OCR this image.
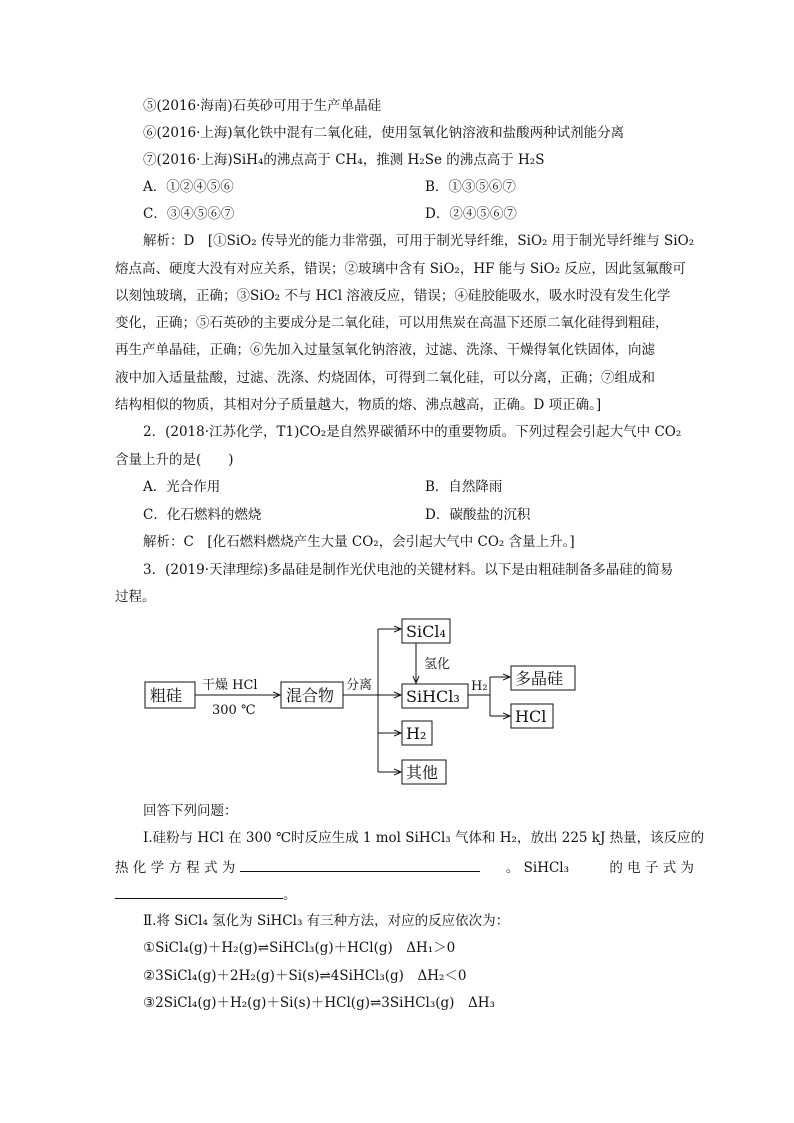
⑤(2016·海南)石英砂可用于生产单晶硅
⑥(2016·上海)氧化铁中混有二氧化硅，使用氢氧化钠溶液和盐酸两种试剂能分离
⑦(2016·上海)SiH₄的沸点高于 CH₄，推测 H₂Se 的沸点高于 H₂S
A．①②④⑤⑥	B．①③⑤⑥⑦
C．③④⑤⑥⑦	D．②④⑤⑥⑦
解析：D　[①SiO₂ 传导光的能力非常强，可用于制光导纤维，SiO₂ 用于制光导纤维与 SiO₂
熔点高、硬度大没有对应关系，错误；②玻璃中含有 SiO₂，HF 能与 SiO₂ 反应，因此氢氟酸可
以刻蚀玻璃，正确；③SiO₂ 不与 HCl 溶液反应，错误；④硅胶能吸水，吸水时没有发生化学
变化，正确；⑤石英砂的主要成分是二氧化硅，可以用焦炭在高温下还原二氧化硅得到粗硅，
再生产单晶硅，正确；⑥先加入过量氢氧化钠溶液，过滤、洗涤、干燥得氧化铁固体，向滤
液中加入适量盐酸，过滤、洗涤、灼烧固体，可得到二氧化硅，可以分离，正确；⑦组成和
结构相似的物质，其相对分子质量越大，物质的熔、沸点越高，正确。D 项正确。]
2．(2018·江苏化学，T1)CO₂是自然界碳循环中的重要物质。下列过程会引起大气中 CO₂
含量上升的是(　　)
A．光合作用	B．自然降雨
C．化石燃料的燃烧	D．碳酸盐的沉积
解析：C　[化石燃料燃烧产生大量 CO₂，会引起大气中 CO₂ 含量上升。]
3．(2019·天津理综)多晶硅是制作光伏电池的关键材料。以下是由粗硅制备多晶硅的简易
过程。
粗硅	混合物
SiCl₄
SiHCl₃
多晶硅
HCl
H₂
其他
干燥 HCl
300 ℃
分离
氢化
H₂
回答下列问题：
Ⅰ.硅粉与 HCl 在 300 ℃时反应生成 1 mol SiHCl₃ 气体和 H₂，放出 225 kJ 热量，该反应的
热 化 学 方 程 式 为	。 SiHCl₃	的 电 子 式 为
。
Ⅱ.将 SiCl₄ 氢化为 SiHCl₃ 有三种方法，对应的反应依次为：
①SiCl₄(g)＋H₂(g)⇌SiHCl₃(g)＋HCl(g)　ΔH₁＞0
②3SiCl₄(g)＋2H₂(g)＋Si(s)⇌4SiHCl₃(g)　ΔH₂＜0
③2SiCl₄(g)＋H₂(g)＋Si(s)＋HCl(g)⇌3SiHCl₃(g)　ΔH₃
